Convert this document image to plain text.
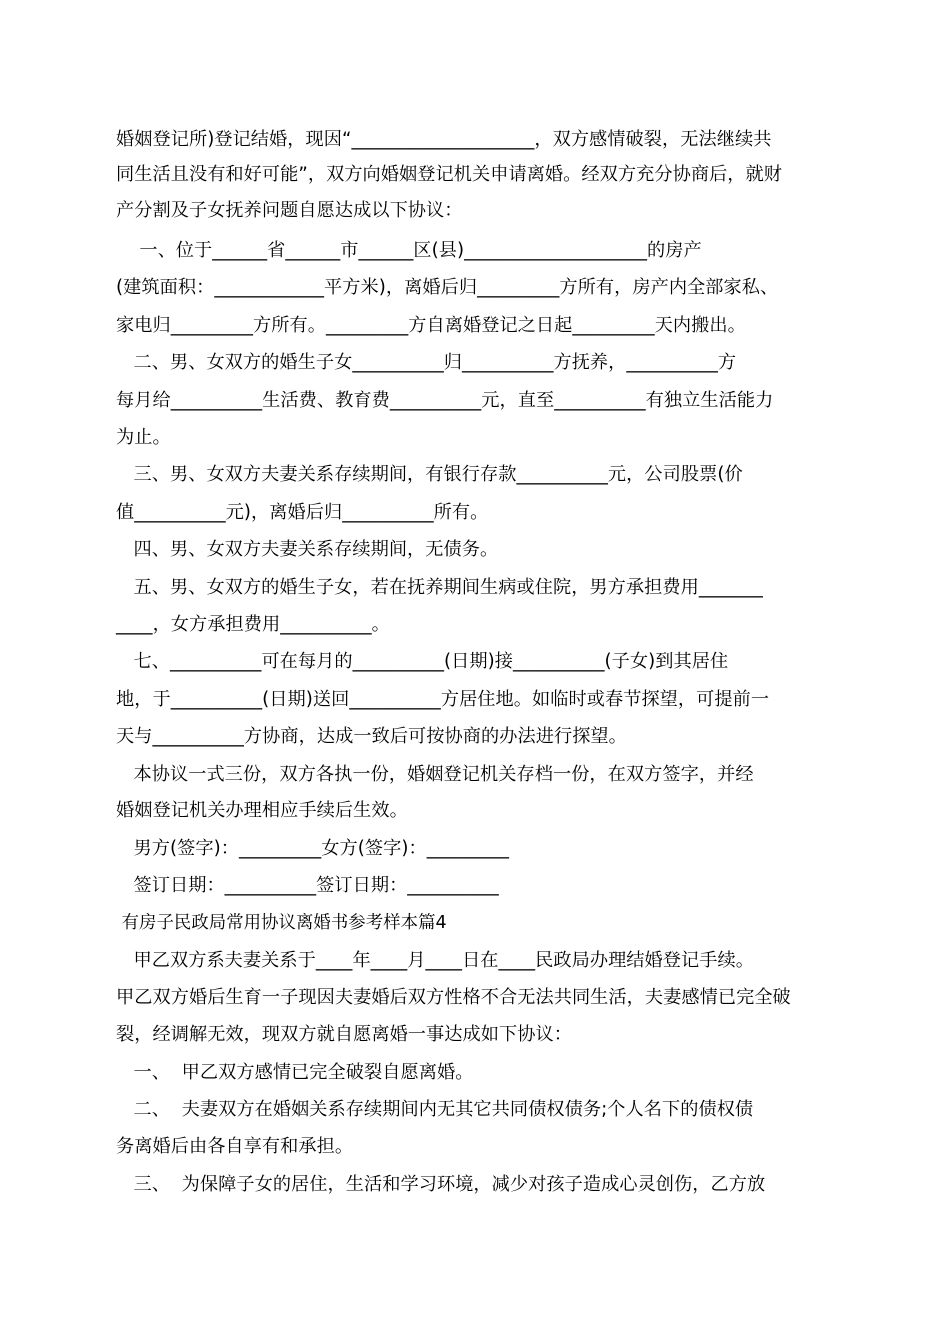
婚姻登记所)登记结婚，现因“____________________，双方感情破裂，无法继续共
同生活且没有和好可能”，双方向婚姻登记机关申请离婚。经双方充分协商后，就财
产分割及子女抚养问题自愿达成以下协议：
一、位于______省______市______区(县)____________________的房产
(建筑面积：____________平方米)，离婚后归_________方所有，房产内全部家私、
家电归_________方所有。_________方自离婚登记之日起_________天内搬出。
二、男、女双方的婚生子女__________归__________方抚养，__________方
每月给__________生活费、教育费__________元，直至__________有独立生活能力
为止。
三、男、女双方夫妻关系存续期间，有银行存款__________元，公司股票(价
值__________元)，离婚后归__________所有。
四、男、女双方夫妻关系存续期间，无债务。
五、男、女双方的婚生子女，若在抚养期间生病或住院，男方承担费用_______
____，女方承担费用__________。
七、__________可在每月的__________(日期)接__________(子女)到其居住
地，于__________(日期)送回__________方居住地。如临时或春节探望，可提前一
天与__________方协商，达成一致后可按协商的办法进行探望。
本协议一式三份，双方各执一份，婚姻登记机关存档一份，在双方签字，并经
婚姻登记机关办理相应手续后生效。
男方(签字)：_________女方(签字)：_________
签订日期：__________签订日期：__________
有房子民政局常用协议离婚书参考样本篇4
甲乙双方系夫妻关系于____年____月____日在____民政局办理结婚登记手续。
甲乙双方婚后生育一子现因夫妻婚后双方性格不合无法共同生活，夫妻感情已完全破
裂，经调解无效，现双方就自愿离婚一事达成如下协议：
一、  甲乙双方感情已完全破裂自愿离婚。
二、  夫妻双方在婚姻关系存续期间内无其它共同债权债务;个人名下的债权债
务离婚后由各自享有和承担。
三、  为保障子女的居住，生活和学习环境，减少对孩子造成心灵创伤，乙方放
